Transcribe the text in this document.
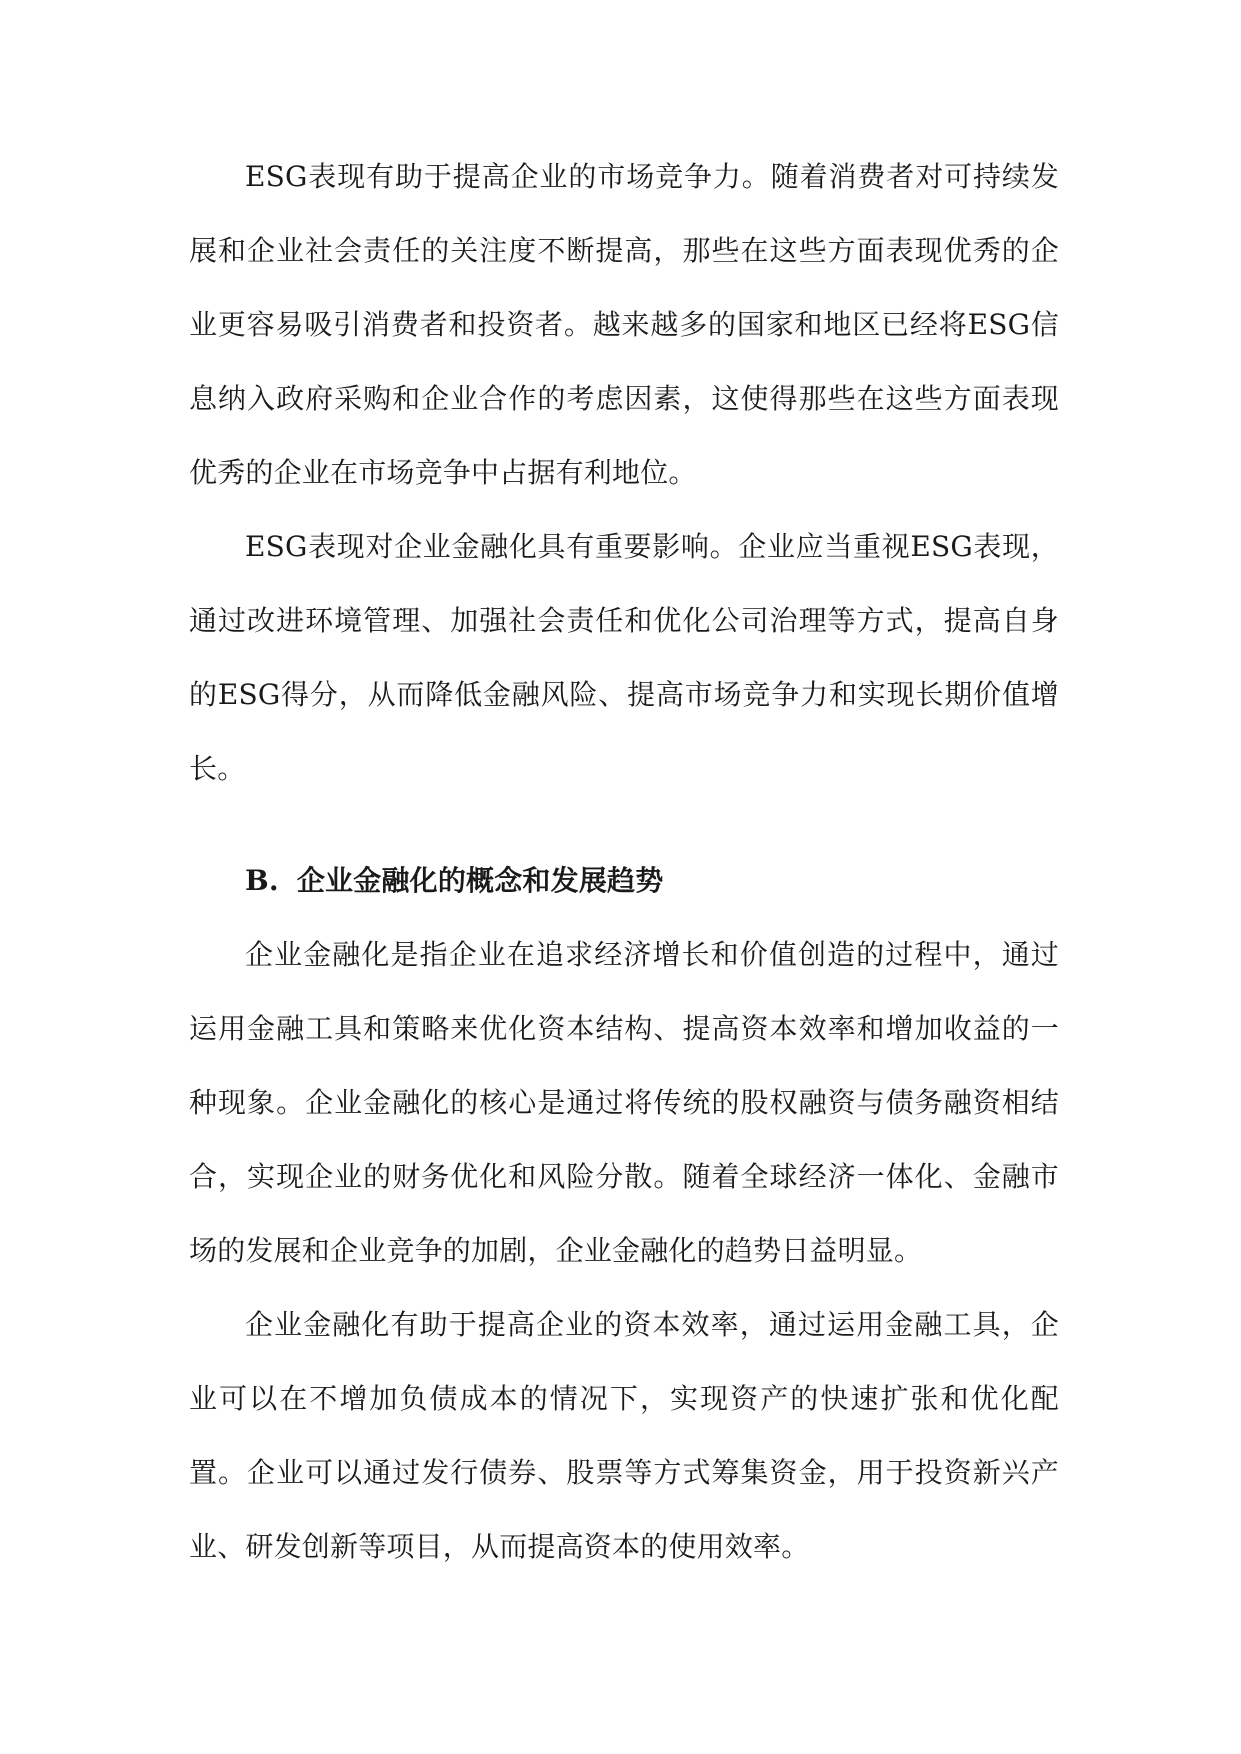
ESG表现有助于提高企业的市场竞争力。随着消费者对可持续发展和企业社会责任的关注度不断提高，那些在这些方面表现优秀的企业更容易吸引消费者和投资者。越来越多的国家和地区已经将ESG信息纳入政府采购和企业合作的考虑因素，这使得那些在这些方面表现优秀的企业在市场竞争中占据有利地位。

ESG表现对企业金融化具有重要影响。企业应当重视ESG表现，通过改进环境管理、加强社会责任和优化公司治理等方式，提高自身的ESG得分，从而降低金融风险、提高市场竞争力和实现长期价值增长。

B. 企业金融化的概念和发展趋势

企业金融化是指企业在追求经济增长和价值创造的过程中，通过运用金融工具和策略来优化资本结构、提高资本效率和增加收益的一种现象。企业金融化的核心是通过将传统的股权融资与债务融资相结合，实现企业的财务优化和风险分散。随着全球经济一体化、金融市场的发展和企业竞争的加剧，企业金融化的趋势日益明显。

企业金融化有助于提高企业的资本效率，通过运用金融工具，企业可以在不增加负债成本的情况下，实现资产的快速扩张和优化配置。企业可以通过发行债券、股票等方式筹集资金，用于投资新兴产业、研发创新等项目，从而提高资本的使用效率。
